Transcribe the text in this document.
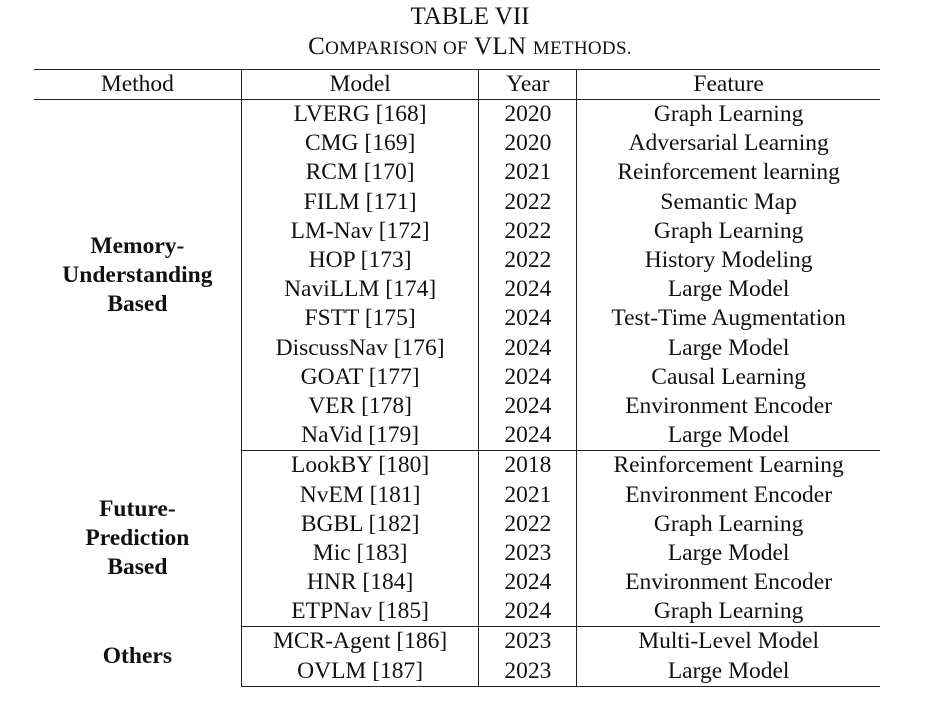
TABLE VII
COMPARISON OF VLN METHODS.
Method	Model	Year	Feature

Memory-
Understanding
Based	LVERG [168]	2020	Graph Learning
	CMG [169]	2020	Adversarial Learning
	RCM [170]	2021	Reinforcement learning
	FILM [171]	2022	Semantic Map
	LM-Nav [172]	2022	Graph Learning
	HOP [173]	2022	History Modeling
	NaviLLM [174]	2024	Large Model
	FSTT [175]	2024	Test-Time Augmentation
	DiscussNav [176]	2024	Large Model
	GOAT [177]	2024	Causal Learning
	VER [178]	2024	Environment Encoder
	NaVid [179]	2024	Large Model

Future-
Prediction
Based	LookBY [180]	2018	Reinforcement Learning
	NvEM [181]	2021	Environment Encoder
	BGBL [182]	2022	Graph Learning
	Mic [183]	2023	Large Model
	HNR [184]	2024	Environment Encoder
	ETPNav [185]	2024	Graph Learning

Others	MCR-Agent [186]	2023	Multi-Level Model
	OVLM [187]	2023	Large Model
